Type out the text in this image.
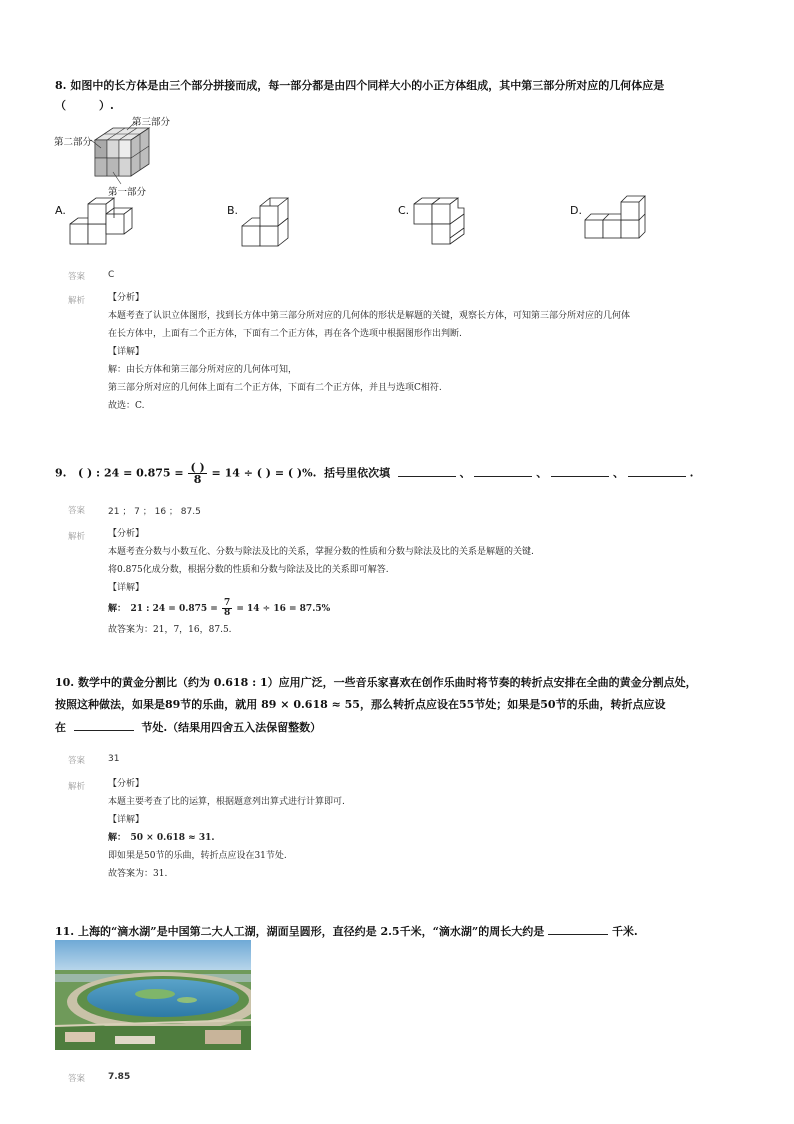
8. 如图中的长方体是由三个部分拼接而成，每一部分都是由四个同样大小的小正方体组成，其中第三部分所对应的几何体应是
（　　　）.
第三部分
第二部分
第一部分
A.	B.	C.	D.
答案	C
解析	【分析】
本题考查了认识立体图形，找到长方体中第三部分所对应的几何体的形状是解题的关键，观察长方体，可知第三部分所对应的几何体
在长方体中，上面有二个正方体，下面有二个正方体，再在各个选项中根据图形作出判断.
【详解】
解：由长方体和第三部分所对应的几何体可知，
第三部分所对应的几何体上面有二个正方体，下面有二个正方体，并且与选项C相符.
故选：C.
9. ( ) : $24 = 0.875 = \frac{( )}{8} = 14$ ÷ ( ) = ( )%. 括号里依次填	、	、	、	.
答案	21 ； 7 ； 16 ； 87.5
解析	【分析】
本题考查分数与小数互化、分数与除法及比的关系，掌握分数的性质和分数与除法及比的关系是解题的关键.
将0.875化成分数，根据分数的性质和分数与除法及比的关系即可解答.
【详解】
解：　21 : $24 = 0.875 = \frac{7}{8} = 14 \div 16 = 87.5\%$
故答案为：21，7，16，87.5.
10. 数学中的黄金分割比（约为 0.618 : 1）应用广泛，一些音乐家喜欢在创作乐曲时将节奏的转折点安排在全曲的黄金分割点处，
按照这种做法，如果是89节的乐曲，就用 89 × 0.618 ≈ 55，那么转折点应设在55节处；如果是50节的乐曲，转折点应设
在	节处.（结果用四舍五入法保留整数）
答案	31
解析	【分析】
本题主要考查了比的运算，根据题意列出算式进行计算即可.
【详解】
解：　50 × 0.618 ≈ 31.
即如果是50节的乐曲，转折点应设在31节处.
故答案为：31.
11. 上海的“滴水湖”是中国第二大人工湖，湖面呈圆形，直径约是 2.5千米，“滴水湖”的周长大约是	千米.
答案	7.85
